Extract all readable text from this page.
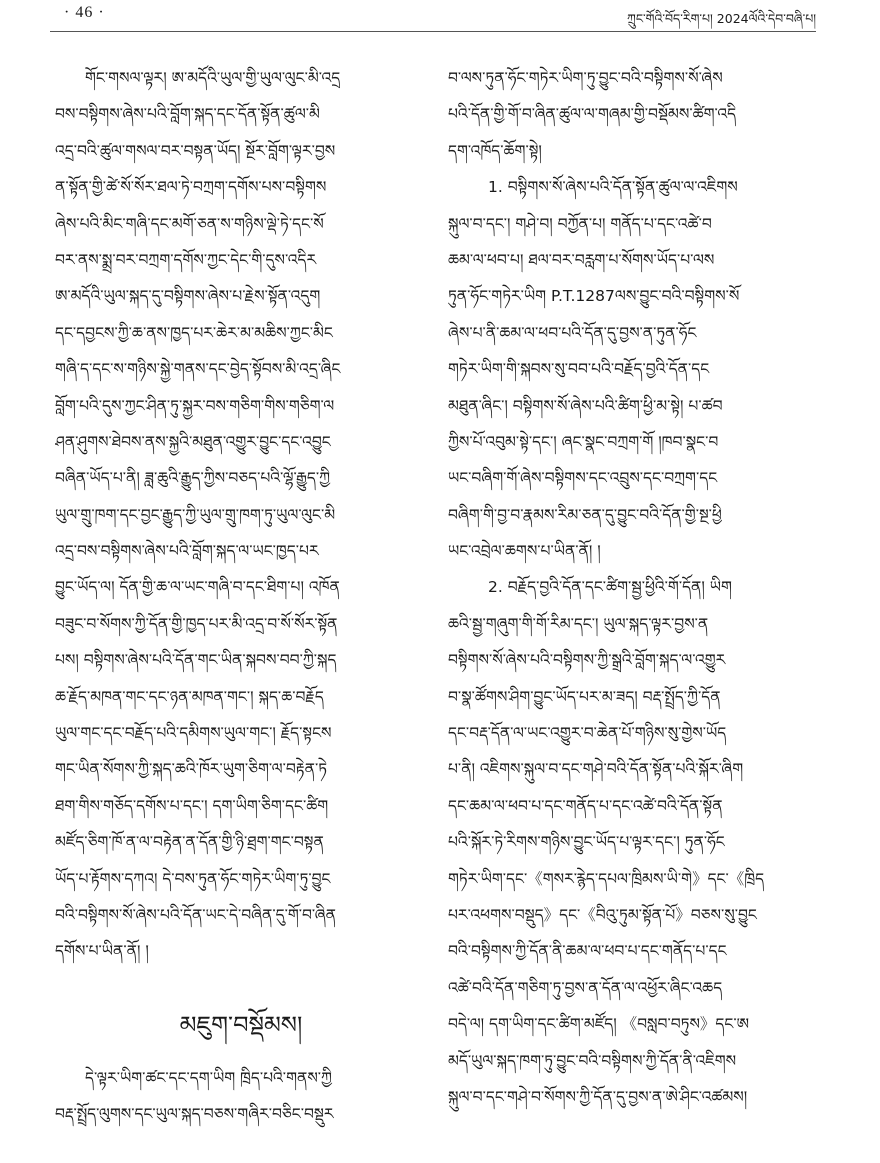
· 46 ·	ཀྲུང་གོའི་བོད་རིག་པ། 2024ལོའི་དེབ་བཞི་པ།
གོང་གསལ་ལྟར། ཨ་མདོའི་ཡུལ་གྱི་ཡུལ་ལུང་མི་འདྲ
བས་བསྟིགས་ཞེས་པའི་བློག་སྐད་དང་དོན་སྟོན་ཚུལ་མི
འདྲ་བའི་ཚུལ་གསལ་བར་བསྟན་ཡོད། སྔོར་བློག་ལྟར་བྱས
ན་སྟོན་གྱི་ཚེ་སོ་སོར་ཐལ་ཏེ་བཀྲག་དགོས་པས་བསྟིགས
ཞེས་པའི་མིང་གཞི་དང་མགོ་ཅན་ས་གཉིས་ལྡེ་ཏེ་དང་སོ
བར་ནས་སྨྲ་བར་བཀྲག་དགོས་ཀྱང་དེང་གི་དུས་འདིར
ཨ་མདོའི་ཡུལ་སྐད་དུ་བསྟིགས་ཞེས་པ་རྗེས་སྟོན་འདུག
དང་དབྱངས་ཀྱི་ཆ་ནས་ཁྱད་པར་ཆེར་མ་མཆིས་ཀྱང་མིང
གཞི་ད་དང་ས་གཉིས་སྐྱེ་གནས་དང་བྱེད་སྟོབས་མི་འདྲ་ཞིང
བློག་པའི་དུས་ཀྱང་ཤིན་ཏུ་སྐྱར་བས་གཅིག་གིས་གཅིག་ལ
ཤན་ཤུགས་ཐེབས་ནས་སྐྱའི་མཐུན་འགྱུར་བྱུང་དང་འབྱུང
བཞིན་ཡོད་པ་ནི། ཟླ་ཆུའི་རྒྱུད་ཀྱིས་བཅད་པའི་ལྷོ་རྒྱུད་ཀྱི
ཡུལ་གྲུ་ཁག་དང་བྱང་རྒྱུད་ཀྱི་ཡུལ་གྲུ་ཁག་ཏུ་ཡུལ་ལུང་མི
འདྲ་བས་བསྟིགས་ཞེས་པའི་བློག་སྐད་ལ་ཡང་ཁྱད་པར
བྱུང་ཡོད་ལ། དོན་གྱི་ཆ་ལ་ཡང་གཞི་བ་དང་ཐིག་པ། འཁོན
བཟུང་བ་སོགས་ཀྱི་དོན་གྱི་ཁྱད་པར་མི་འདྲ་བ་སོ་སོར་སྟོན
པས། བསྟིགས་ཞེས་པའི་དོན་གང་ཡིན་སྐབས་བབ་ཀྱི་སྐད
ཆ་རྗོད་མཁན་གང་དང་ཉན་མཁན་གང་། སྐད་ཆ་བརྗོད
ཡུལ་གང་དང་བརྗོད་པའི་དམིགས་ཡུལ་གང་། རྗོད་སྟངས
གང་ཡིན་སོགས་ཀྱི་སྐད་ཆའི་ཁོར་ཡུག་ཅིག་ལ་བརྟེན་ཏེ
ཐག་གིས་གཅོད་དགོས་པ་དང་། དག་ཡིག་ཅིག་དང་ཚིག
མཛོད་ཅིག་ཁོ་ན་ལ་བརྟེན་ན་དོན་གྱི་ཉི་ཐྲག་གང་བསྟན
ཡོད་པ་རྟོགས་དཀའ། དེ་བས་ཏུན་ཧོང་གཏེར་ཡིག་ཏུ་བྱུང
བའི་བསྟིགས་སོ་ཞེས་པའི་དོན་ཡང་དེ་བཞིན་དུ་གོ་བ་ཞིན
དགོས་པ་ཡིན་ནོ། །
མཇུག་བསྡོམས།
དེ་ལྟར་ཡིག་ཚང་དང་དག་ཡིག ཁྲིད་པའི་གནས་ཀྱི
བརྡ་སྤྲོད་ལུགས་དང་ཡུལ་སྐད་བཅས་གཞིར་བཅིང་བསྡུར
བ་ལས་ཏུན་ཧོང་གཏེར་ཡིག་ཏུ་བྱུང་བའི་བསྟིགས་སོ་ཞེས
པའི་དོན་གྱི་གོ་བ་ཞིན་ཚུལ་ལ་གཞམ་གྱི་བསྡོམས་ཚིག་འདི
དག་འཁོད་ཆོག་སྟེ།
1. བསྟིགས་སོ་ཞེས་པའི་དོན་སྟོན་ཚུལ་ལ་འཇིགས
སྐུལ་བ་དང་། གཤེ་བ། བཀྱོན་པ། གནོད་པ་དང་འཚེ་བ
ཆམ་ལ་ཕབ་པ། ཐལ་བར་བརླག་པ་སོགས་ཡོད་པ་ལས
ཏུན་ཧོང་གཏེར་ཡིག P.T.1287ལས་བྱུང་བའི་བསྟིགས་སོ
ཞེས་པ་ནི་ཆམ་ལ་ཕབ་པའི་དོན་དུ་བྱས་ན་ཏུན་ཧོང
གཏེར་ཡིག་གི་སྐབས་སུ་བབ་པའི་བརྗོད་བྱའི་དོན་དང
མཐུན་ཞིང་། བསྟིགས་སོ་ཞེས་པའི་ཚིག་ཕྱི་མ་སྟེ། པ་ཚབ
ཀྱིས་པོ་འབུམ་སྟེ་དང་། ཞང་སྣང་བཀྲག་གོ །ཁབ་སྣང་བ
ཡང་བཞིག་གོ་ཞེས་བསྟིགས་དང་འབྲུས་དང་བཀྲག་དང
བཞིག་གི་བྱ་བ་རྣམས་རིམ་ཅན་དུ་བྱུང་བའི་དོན་གྱི་སྔ་ཕྱི
ཡང་འབྲེལ་ཆགས་པ་ཡིན་ནོ། །
2. བརྗོད་བྱའི་དོན་དང་ཚིག་སྦྱ་ཕྱིའི་གོ་དོན། ཡིག
ཆའི་སྦྱ་གཞུག་གི་གོ་རིམ་དང་། ཡུལ་སྐད་ལྟར་བྱས་ན
བསྟིགས་སོ་ཞེས་པའི་བསྟིགས་ཀྱི་སྒྲའི་བློག་སྐད་ལ་འགྱུར
བ་སྣ་ཚོགས་ཤིག་བྱུང་ཡོད་པར་མ་ཟད། བརྡ་སྤྲོད་ཀྱི་དོན
དང་བརྡ་དོན་ལ་ཡང་འགྱུར་བ་ཆེན་པོ་གཉིས་སུ་གྱེས་ཡོད
པ་ནི། འཇིགས་སྐུལ་བ་དང་གཤེ་བའི་དོན་སྟོན་པའི་སྐོར་ཞིག
དང་ཆམ་ལ་ཕབ་པ་དང་གནོད་པ་དང་འཚེ་བའི་དོན་སྟོན
པའི་སྐོར་ཏེ་རིགས་གཉིས་བྱུང་ཡོད་པ་ལྟར་དང་། ཏུན་ཧོང
གཏེར་ཡིག་དང་《གསར་རྙེད་དཔལ་ཁྲིམས་ཡི་གེ》དང་《ཁྲིད
པར་འཕགས་བསྡུད》དང་《བིའུ་ཏུམ་སྟོན་པོ》བཅས་སུ་བྱུང
བའི་བསྟིགས་ཀྱི་དོན་ནི་ཆམ་ལ་ཕབ་པ་དང་གནོད་པ་དང
འཚེ་བའི་དོན་གཅིག་ཏུ་བྱས་ན་དོན་ལ་འཕྱོར་ཞིང་འཆད
བདེ་ལ། དག་ཡིག་དང་ཚིག་མཛོད། 《བསླབ་བཏུས》དང་ཨ
མདོ་ཡུལ་སྐད་ཁག་ཏུ་བྱུང་བའི་བསྟིགས་ཀྱི་དོན་ནི་འཇིགས
སྐུལ་བ་དང་གཤེ་བ་སོགས་ཀྱི་དོན་དུ་བྱས་ན་ཨེ་ཤིང་འཚམས།
